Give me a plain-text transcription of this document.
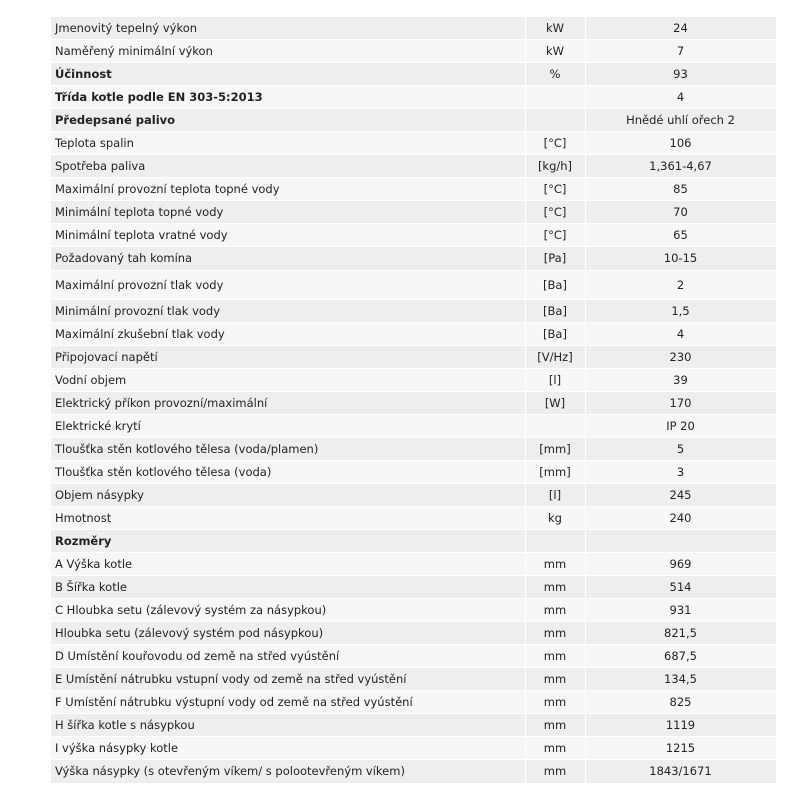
Jmenovitý tepelný výkon	kW	24
Naměřený minimální výkon	kW	7
Účinnost	%	93
Třída kotle podle EN 303-5:2013		4
Předepsané palivo		Hnědé uhlí ořech 2
Teplota spalin	[°C]	106
Spotřeba paliva	[kg/h]	1,361-4,67
Maximální provozní teplota topné vody	[°C]	85
Minimální teplota topné vody	[°C]	70
Minimální teplota vratné vody	[°C]	65
Požadovaný tah komína	[Pa]	10-15
Maximální provozní tlak vody	[Ba]	2
Minimální provozní tlak vody	[Ba]	1,5
Maximální zkušební tlak vody	[Ba]	4
Připojovací napětí	[V/Hz]	230
Vodní objem	[l]	39
Elektrický příkon provozní/maximální	[W]	170
Elektrické krytí		IP 20
Tloušťka stěn kotlového tělesa (voda/plamen)	[mm]	5
Tloušťka stěn kotlového tělesa (voda)	[mm]	3
Objem násypky	[l]	245
Hmotnost	kg	240
Rozměry		
A Výška kotle	mm	969
B Šířka kotle	mm	514
C Hloubka setu (zálevový systém za násypkou)	mm	931
Hloubka setu (zálevový systém pod násypkou)	mm	821,5
D Umístění kouřovodu od země na střed vyústění	mm	687,5
E Umístění nátrubku vstupní vody od země na střed vyústění	mm	134,5
F Umístění nátrubku výstupní vody od země na střed vyústění	mm	825
H šířka kotle s násypkou	mm	1119
I výška násypky kotle	mm	1215
Výška násypky (s otevřeným víkem/ s polootevřeným víkem)	mm	1843/1671
